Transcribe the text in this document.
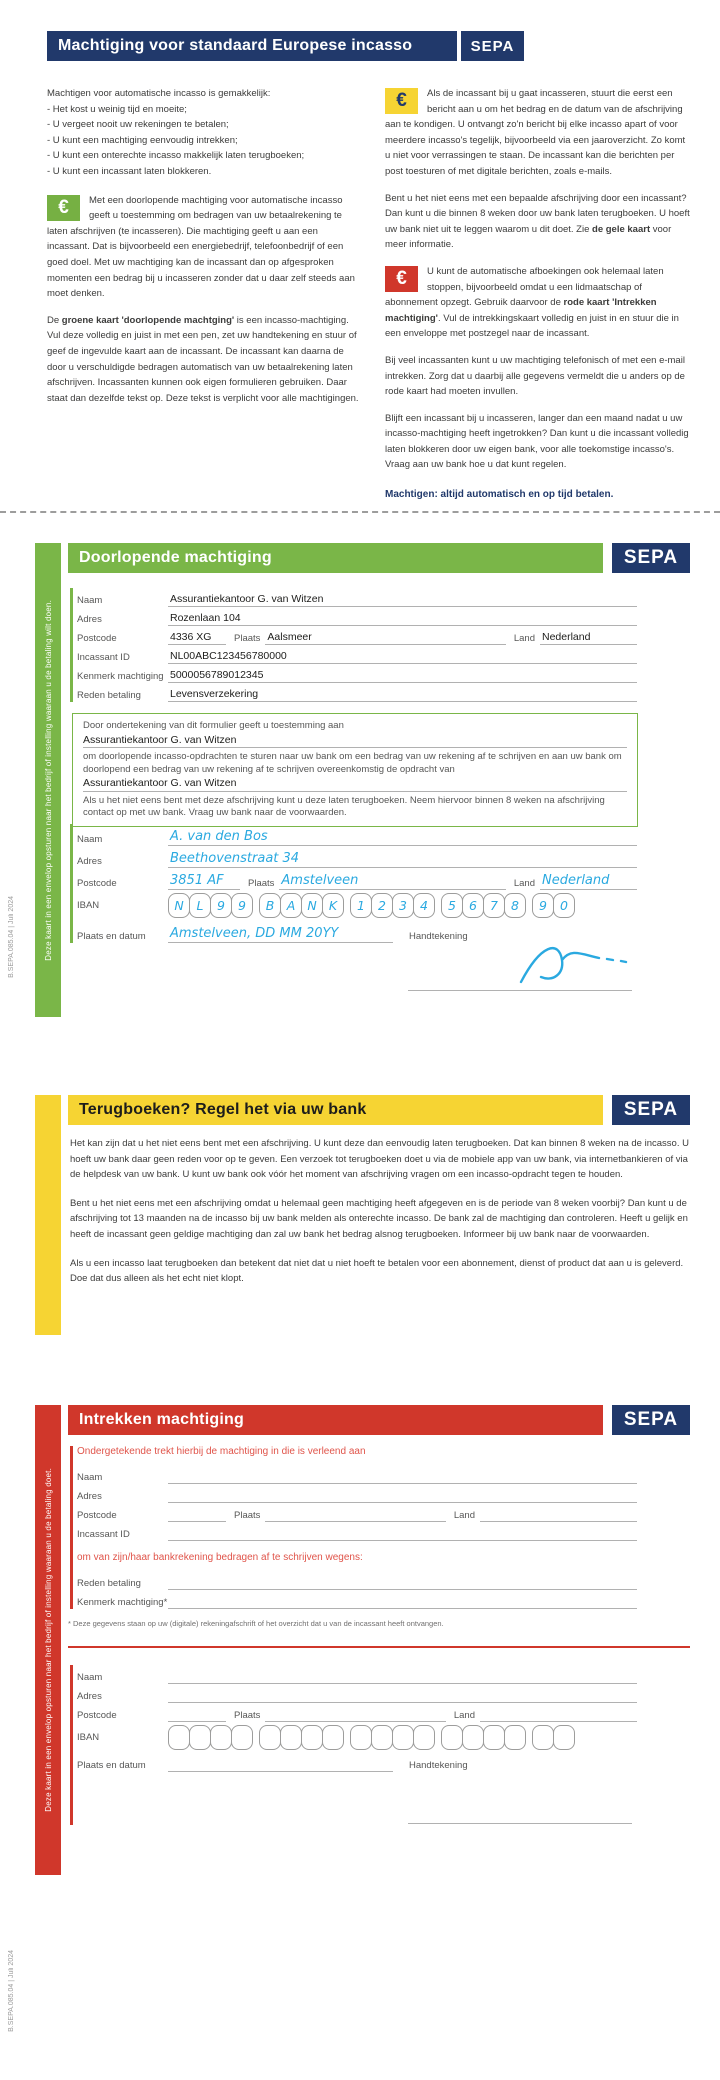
Machtiging voor standaard Europese incasso	SEPA
Machtigen voor automatische incasso is gemakkelijk:
- Het kost u weinig tijd en moeite;
- U vergeet nooit uw rekeningen te betalen;
- U kunt een machtiging eenvoudig intrekken;
- U kunt een onterechte incasso makkelijk laten terugboeken;
- U kunt een incassant laten blokkeren.

€	Met een doorlopende machtiging voor automatische incasso geeft u toestemming om bedragen van uw betaalrekening te laten afschrijven (te incasseren). Die machtiging geeft u aan een incassant. Dat is bijvoorbeeld een energiebedrijf, telefoonbedrijf of een goed doel. Met uw machtiging kan de incassant dan op afgesproken momenten een bedrag bij u incasseren zonder dat u daar zelf steeds aan moet denken.

De groene kaart 'doorlopende machtging' is een incasso-machtiging. Vul deze volledig en juist in met een pen, zet uw handtekening en stuur of geef de ingevulde kaart aan de incassant. De incassant kan daarna de door u verschuldigde bedragen automatisch van uw betaalrekening laten afschrijven. Incassanten kunnen ook eigen formulieren gebruiken. Daar staat dan dezelfde tekst op. Deze tekst is verplicht voor alle machtigingen.

€	Als de incassant bij u gaat incasseren, stuurt die eerst een bericht aan u om het bedrag en de datum van de afschrijving aan te kondigen. U ontvangt zo'n bericht bij elke incasso apart of voor meerdere incasso's tegelijk, bijvoorbeeld via een jaaroverzicht. Zo komt u niet voor verrassingen te staan. De incassant kan die berichten per post toesturen of met digitale berichten, zoals e-mails.

Bent u het niet eens met een bepaalde afschrijving door een incassant? Dan kunt u die binnen 8 weken door uw bank laten terugboeken. U hoeft uw bank niet uit te leggen waarom u dit doet. Zie de gele kaart voor meer informatie.

€	U kunt de automatische afboekingen ook helemaal laten stoppen, bijvoorbeeld omdat u een lidmaatschap of abonnement opzegt. Gebruik daarvoor de rode kaart 'Intrekken machtiging'. Vul de intrekkingskaart volledig en juist in en stuur die in een enveloppe met postzegel naar de incassant.

Bij veel incassanten kunt u uw machtiging telefonisch of met een e-mail intrekken. Zorg dat u daarbij alle gegevens vermeldt die u anders op de rode kaart had moeten invullen.

Blijft een incassant bij u incasseren, langer dan een maand nadat u uw incasso-machtiging heeft ingetrokken? Dan kunt u die incassant volledig laten blokkeren door uw eigen bank, voor alle toekomstige incasso's. Vraag aan uw bank hoe u dat kunt regelen.

Machtigen: altijd automatisch en op tijd betalen.

Deze kaart in een envelop opsturen naar het bedrijf of instelling waaraan u de betaling wilt doen.
B.SEPA.085.04 | Juli 2024
Doorlopende machtiging	SEPA
Naam	Assurantiekantoor G. van Witzen
Adres	Rozenlaan 104
Postcode	4336 XG	Plaats Aalsmeer	Land Nederland
Incassant ID	NL00ABC123456780000
Kenmerk machtiging 5000056789012345
Reden betaling	Levensverzekering
Door ondertekening van dit formulier geeft u toestemming aan
Assurantiekantoor G. van Witzen
om doorlopende incasso-opdrachten te sturen naar uw bank om een bedrag van uw rekening af te schrijven en aan uw bank om doorlopend een bedrag van uw rekening af te schrijven overeenkomstig de opdracht van
Assurantiekantoor G. van Witzen
Als u het niet eens bent met deze afschrijving kunt u deze laten terugboeken. Neem hiervoor binnen 8 weken na afschrijving contact op met uw bank. Vraag uw bank naar de voorwaarden.
Naam	A. van den Bos
Adres	Beethovenstraat 34
Postcode	3851 AF	Plaats Amstelveen	Land Nederland
IBAN	N L 9 9 B A N K 1 2 3 4 5 6 7 8 9 0
Plaats en datum	Amstelveen, DD MM 20YY	Handtekening
Terugboeken? Regel het via uw bank	SEPA

Het kan zijn dat u het niet eens bent met een afschrijving. U kunt deze dan eenvoudig laten terugboeken. Dat kan binnen 8 weken na de incasso. U hoeft uw bank daar geen reden voor op te geven. Een verzoek tot terugboeken doet u via de mobiele app van uw bank, via internetbankieren of via de helpdesk van uw bank. U kunt uw bank ook vóór het moment van afschrijving vragen om een incasso-opdracht tegen te houden.

Bent u het niet eens met een afschrijving omdat u helemaal geen machtiging heeft afgegeven en is de periode van 8 weken voorbij? Dan kunt u de afschrijving tot 13 maanden na de incasso bij uw bank melden als onterechte incasso. De bank zal de machtiging dan controleren. Heeft u gelijk en heeft de incassant geen geldige machtiging dan zal uw bank het bedrag alsnog terugboeken. Informeer bij uw bank naar de voorwaarden.

Als u een incasso laat terugboeken dan betekent dat niet dat u niet hoeft te betalen voor een abonnement, dienst of product dat aan u is geleverd. Doe dat dus alleen als het echt niet klopt.

Deze kaart in een envelop opsturen naar het bedrijf of instelling waaraan u de betaling doet.
Intrekken machtiging	SEPA
Ondergetekende trekt hierbij de machtiging in die is verleend aan
Naam

Adres

Postcode
	Plaats
	Land

Incassant ID

om van zijn/haar bankrekening bedragen af te schrijven wegens:
Reden betaling

Kenmerk machtiging*

* Deze gegevens staan op uw (digitale) rekeningafschrift of het overzicht dat u van de incassant heeft ontvangen.
Naam

Adres

Postcode
	Plaats
	Land

IBAN
Plaats en datum
	Handtekening
B.SEPA.085.04 | Juli 2024
